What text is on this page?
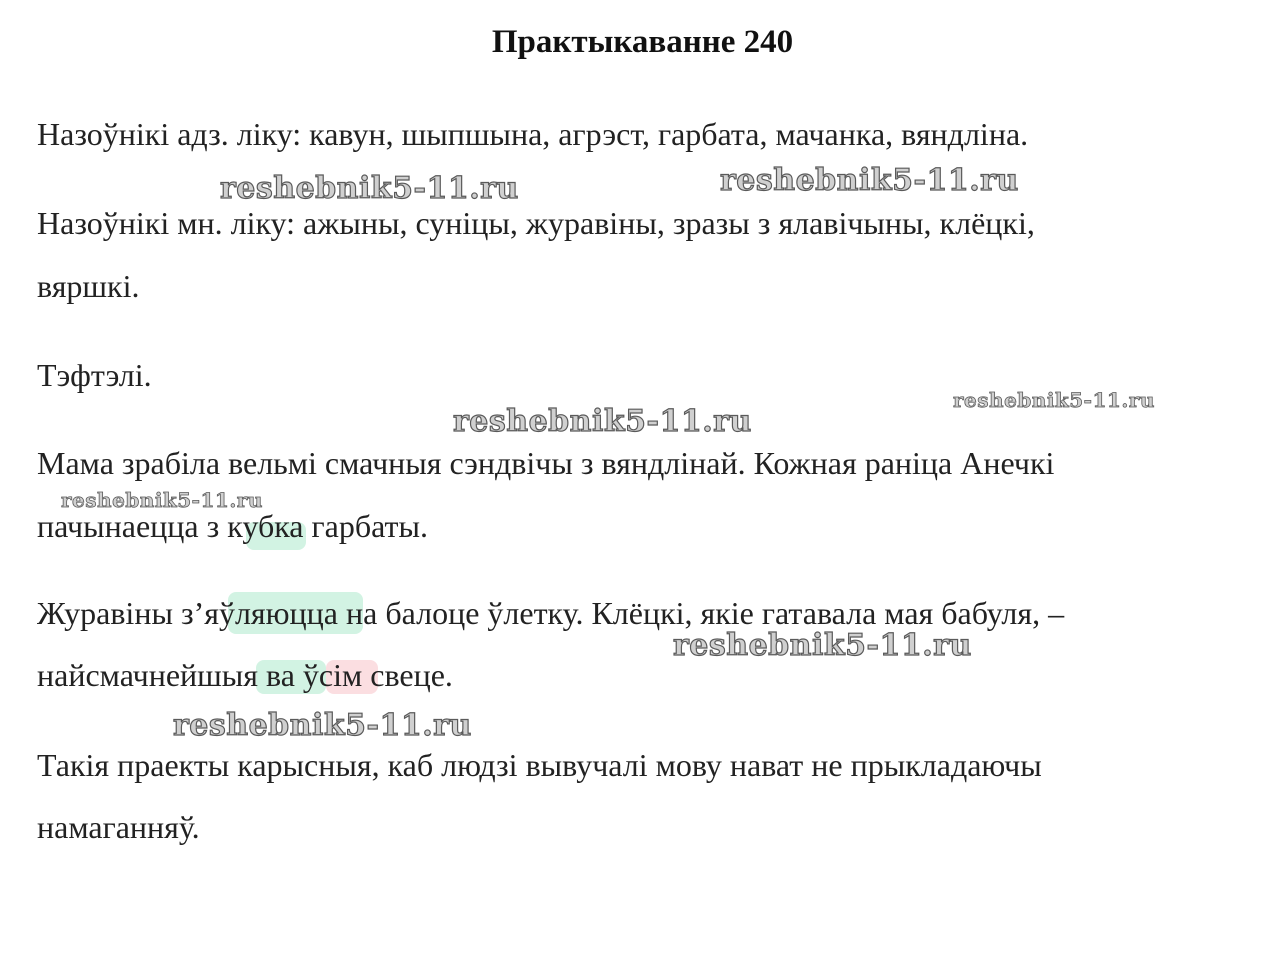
Практыкаванне 240
Назоўнікі адз. ліку: кавун, шыпшына, агрэст, гарбата, мачанка, вяндліна.
Назоўнікі мн. ліку: ажыны, суніцы, журавіны, зразы з ялавічыны, клёцкі,
вяршкі.
Тэфтэлі.
Мама зрабіла вельмі смачныя сэндвічы з вяндлінай. Кожная раніца Анечкі
пачынаецца з кубка гарбаты.
Журавіны з’яўляюцца на балоце ўлетку. Клёцкі, якіе гатавала мая бабуля, –
найсмачнейшыя ва ўсім свеце.
Такія праекты карысныя, каб людзі вывучалі мову нават не прыкладаючы
намаганняў.
reshebnik5-11.ru	reshebnik5-11.ru
reshebnik5-11.ru
reshebnik5-11.ru
reshebnik5-11.ru
reshebnik5-11.ru
reshebnik5-11.ru
